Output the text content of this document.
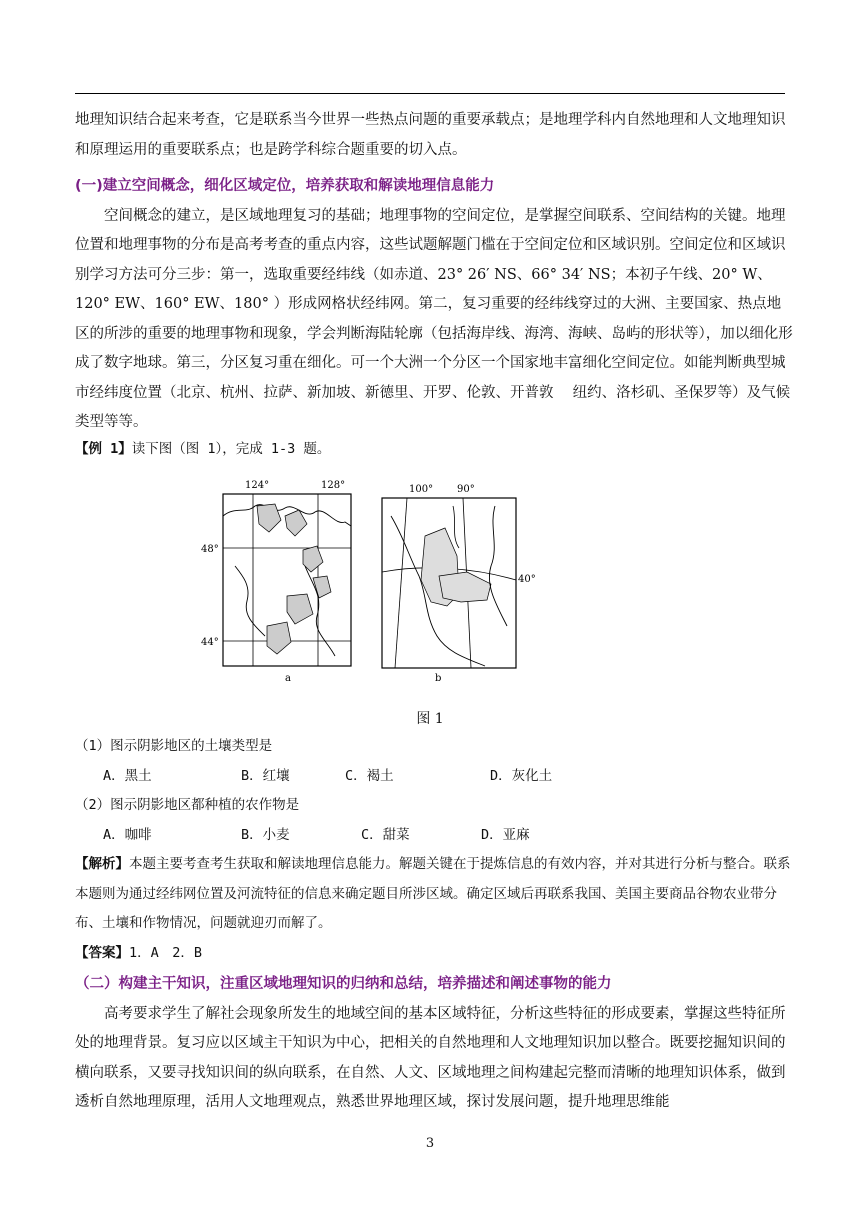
地理知识结合起来考查，它是联系当今世界一些热点问题的重要承载点；是地理学科内自然地理和人文地理知识和原理运用的重要联系点；也是跨学科综合题重要的切入点。

(一)建立空间概念，细化区域定位，培养获取和解读地理信息能力

空间概念的建立，是区域地理复习的基础；地理事物的空间定位，是掌握空间联系、空间结构的关键。地理位置和地理事物的分布是高考考查的重点内容，这些试题解题门槛在于空间定位和区域识别。空间定位和区域识别学习方法可分三步：第一，选取重要经纬线（如赤道、23° 26′ NS、66° 34′ NS；本初子午线、20° W、120° EW、160° EW、180° ）形成网格状经纬网。第二，复习重要的经纬线穿过的大洲、主要国家、热点地区的所涉的重要的地理事物和现象，学会判断海陆轮廓（包括海岸线、海湾、海峡、岛屿的形状等），加以细化形成了数字地球。第三，分区复习重在细化。可一个大洲一个分区一个国家地丰富细化空间定位。如能判断典型城市经纬度位置（北京、杭州、拉萨、新加坡、新德里、开罗、伦敦、开普敦　 纽约、洛杉矶、圣保罗等）及气候类型等等。

【例 1】读下图（图 1），完成 1-3 题。

124°	128°
48°
44°
a
100° 90°
40°
b
图 1

（1）图示阴影地区的土壤类型是

A．黑土	B．红壤	C．褐土	D．灰化土

（2）图示阴影地区都种植的农作物是

A．咖啡	B．小麦	C．甜菜	D．亚麻

【解析】本题主要考查考生获取和解读地理信息能力。解题关键在于提炼信息的有效内容，并对其进行分析与整合。联系本题则为通过经纬网位置及河流特征的信息来确定题目所涉区域。确定区域后再联系我国、美国主要商品谷物农业带分布、土壤和作物情况，问题就迎刃而解了。

【答案】1．A　2．B

（二）构建主干知识，注重区域地理知识的归纳和总结，培养描述和阐述事物的能力

高考要求学生了解社会现象所发生的地域空间的基本区域特征，分析这些特征的形成要素，掌握这些特征所处的地理背景。复习应以区域主干知识为中心，把相关的自然地理和人文地理知识加以整合。既要挖掘知识间的横向联系，又要寻找知识间的纵向联系，在自然、人文、区域地理之间构建起完整而清晰的地理知识体系，做到透析自然地理原理，活用人文地理观点，熟悉世界地理区域，探讨发展问题，提升地理思维能

3
